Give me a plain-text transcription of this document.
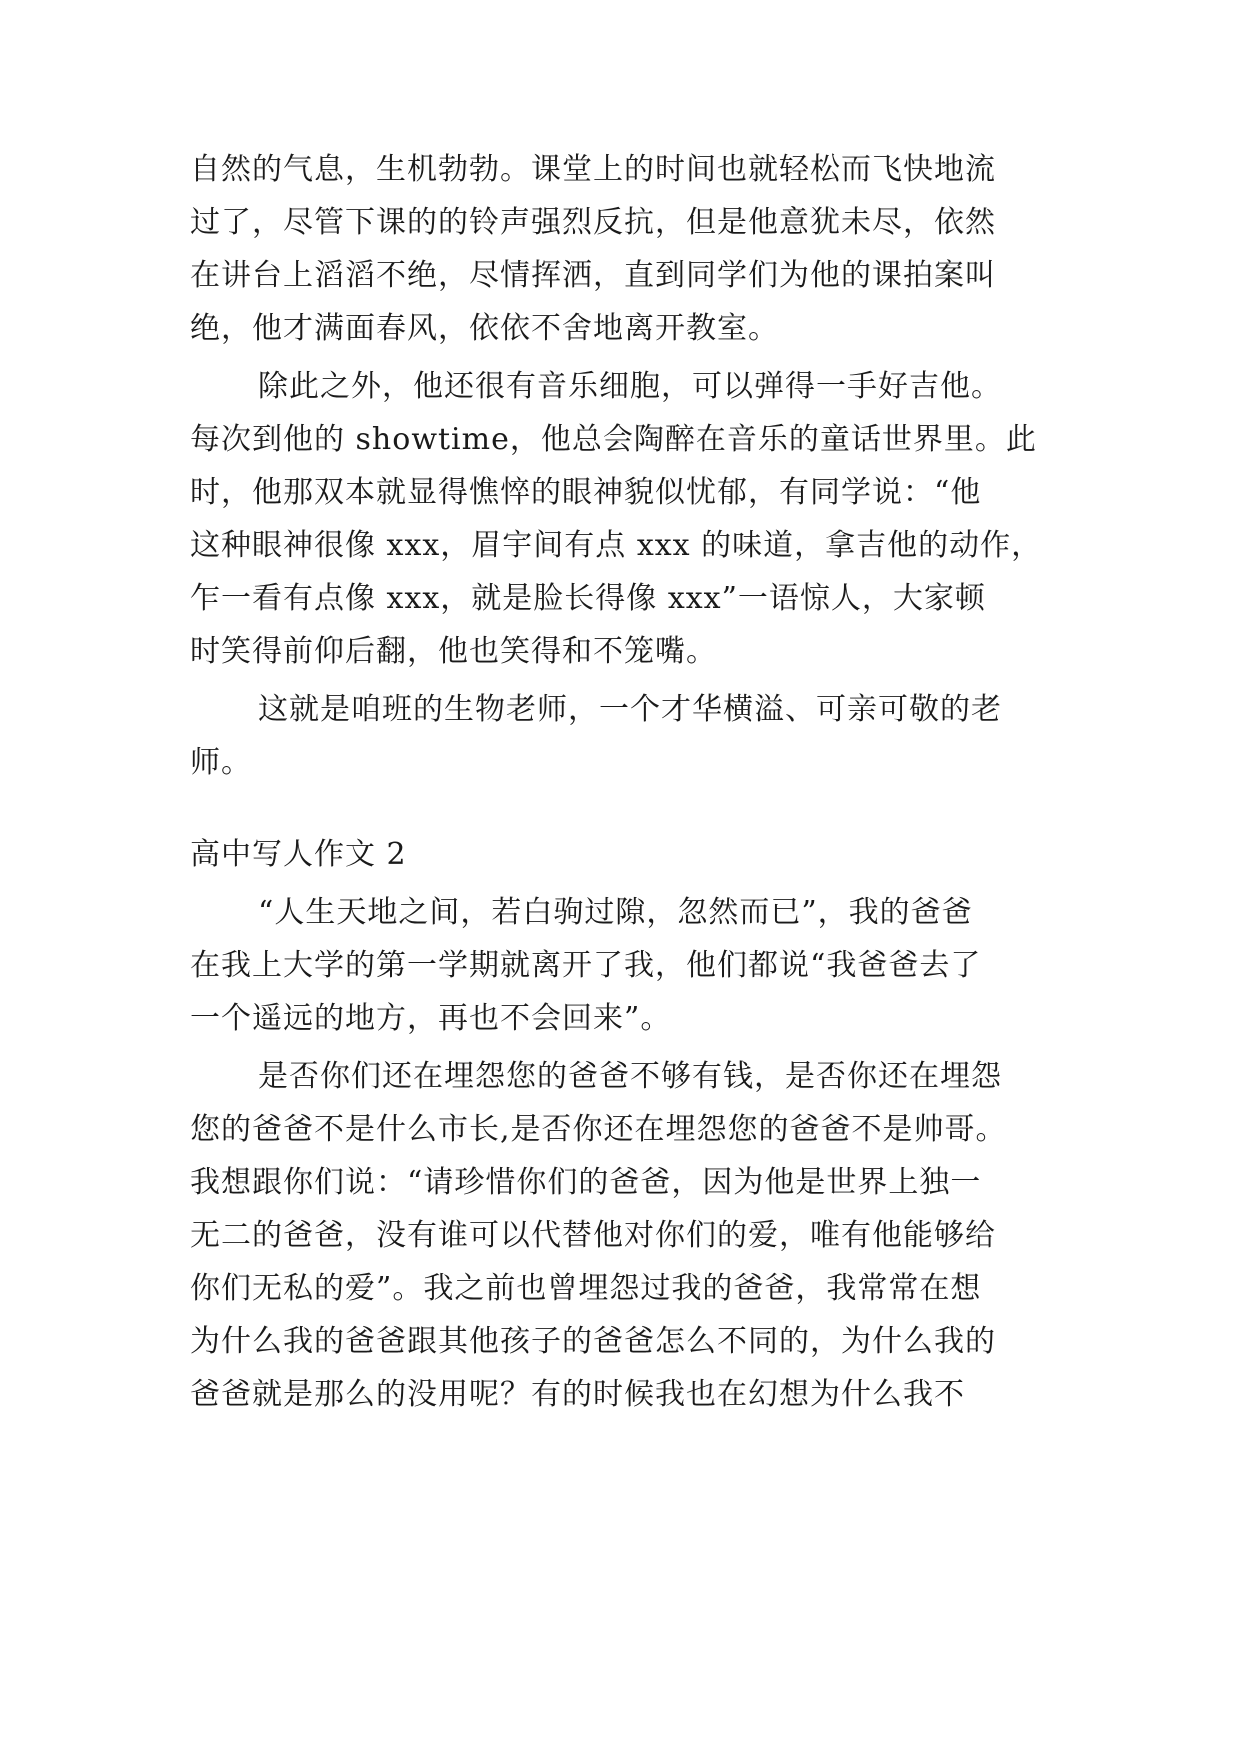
自然的气息，生机勃勃。课堂上的时间也就轻松而飞快地流
过了，尽管下课的的铃声强烈反抗，但是他意犹未尽，依然
在讲台上滔滔不绝，尽情挥洒，直到同学们为他的课拍案叫
绝，他才满面春风，依依不舍地离开教室。
除此之外，他还很有音乐细胞，可以弹得一手好吉他。
每次到他的 showtime，他总会陶醉在音乐的童话世界里。此
时，他那双本就显得憔悴的眼神貌似忧郁，有同学说：“他
这种眼神很像 xxx，眉宇间有点 xxx 的味道，拿吉他的动作，
乍一看有点像 xxx，就是脸长得像 xxx”一语惊人，大家顿
时笑得前仰后翻，他也笑得和不笼嘴。
这就是咱班的生物老师，一个才华横溢、可亲可敬的老
师。
高中写人作文 2
“人生天地之间，若白驹过隙，忽然而已”，我的爸爸
在我上大学的第一学期就离开了我，他们都说“我爸爸去了
一个遥远的地方，再也不会回来”。
是否你们还在埋怨您的爸爸不够有钱，是否你还在埋怨
您的爸爸不是什么市长,是否你还在埋怨您的爸爸不是帅哥。
我想跟你们说：“请珍惜你们的爸爸，因为他是世界上独一
无二的爸爸，没有谁可以代替他对你们的爱，唯有他能够给
你们无私的爱”。我之前也曾埋怨过我的爸爸，我常常在想
为什么我的爸爸跟其他孩子的爸爸怎么不同的，为什么我的
爸爸就是那么的没用呢？有的时候我也在幻想为什么我不
